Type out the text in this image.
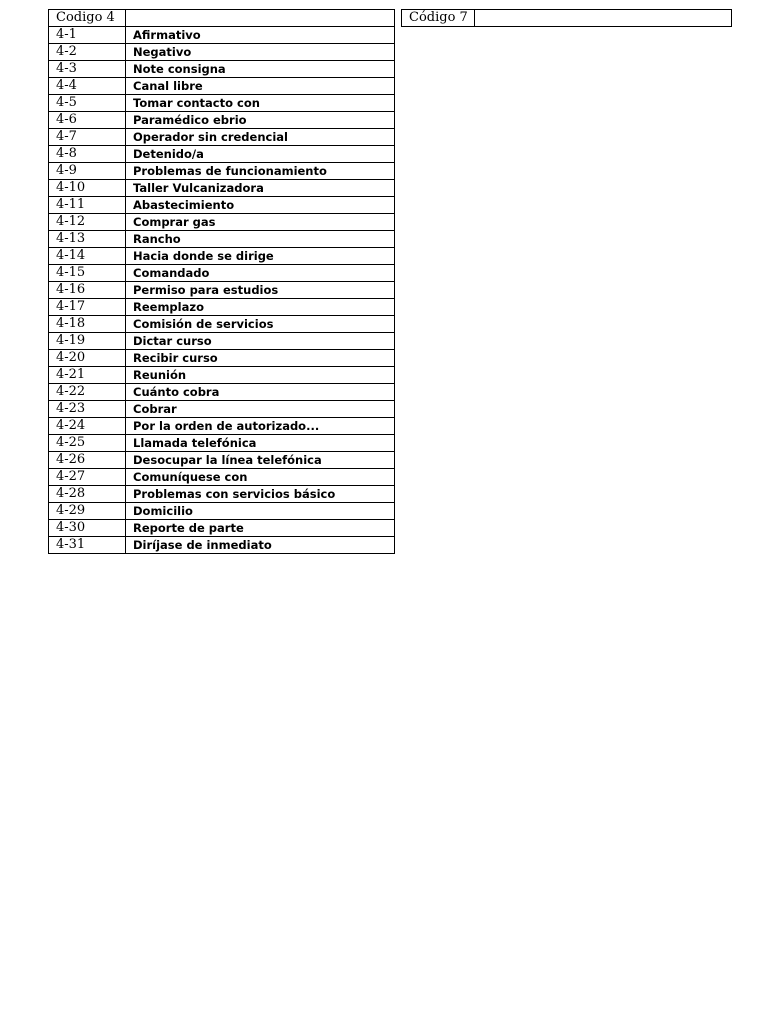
Codigo 4	
4-1	Afirmativo
4-2	Negativo
4-3	Note consigna
4-4	Canal libre
4-5	Tomar contacto con
4-6	Paramédico ebrio
4-7	Operador sin credencial
4-8	Detenido/a
4-9	Problemas de funcionamiento
4-10	Taller Vulcanizadora
4-11	Abastecimiento
4-12	Comprar gas
4-13	Rancho
4-14	Hacia donde se dirige
4-15	Comandado
4-16	Permiso para estudios
4-17	Reemplazo
4-18	Comisión de servicios
4-19	Dictar curso
4-20	Recibir curso
4-21	Reunión
4-22	Cuánto cobra
4-23	Cobrar
4-24	Por la orden de autorizado...
4-25	Llamada telefónica
4-26	Desocupar la línea telefónica
4-27	Comuníquese con
4-28	Problemas con servicios básico
4-29	Domicilio
4-30	Reporte de parte
4-31	Diríjase de inmediato
Código 7	
